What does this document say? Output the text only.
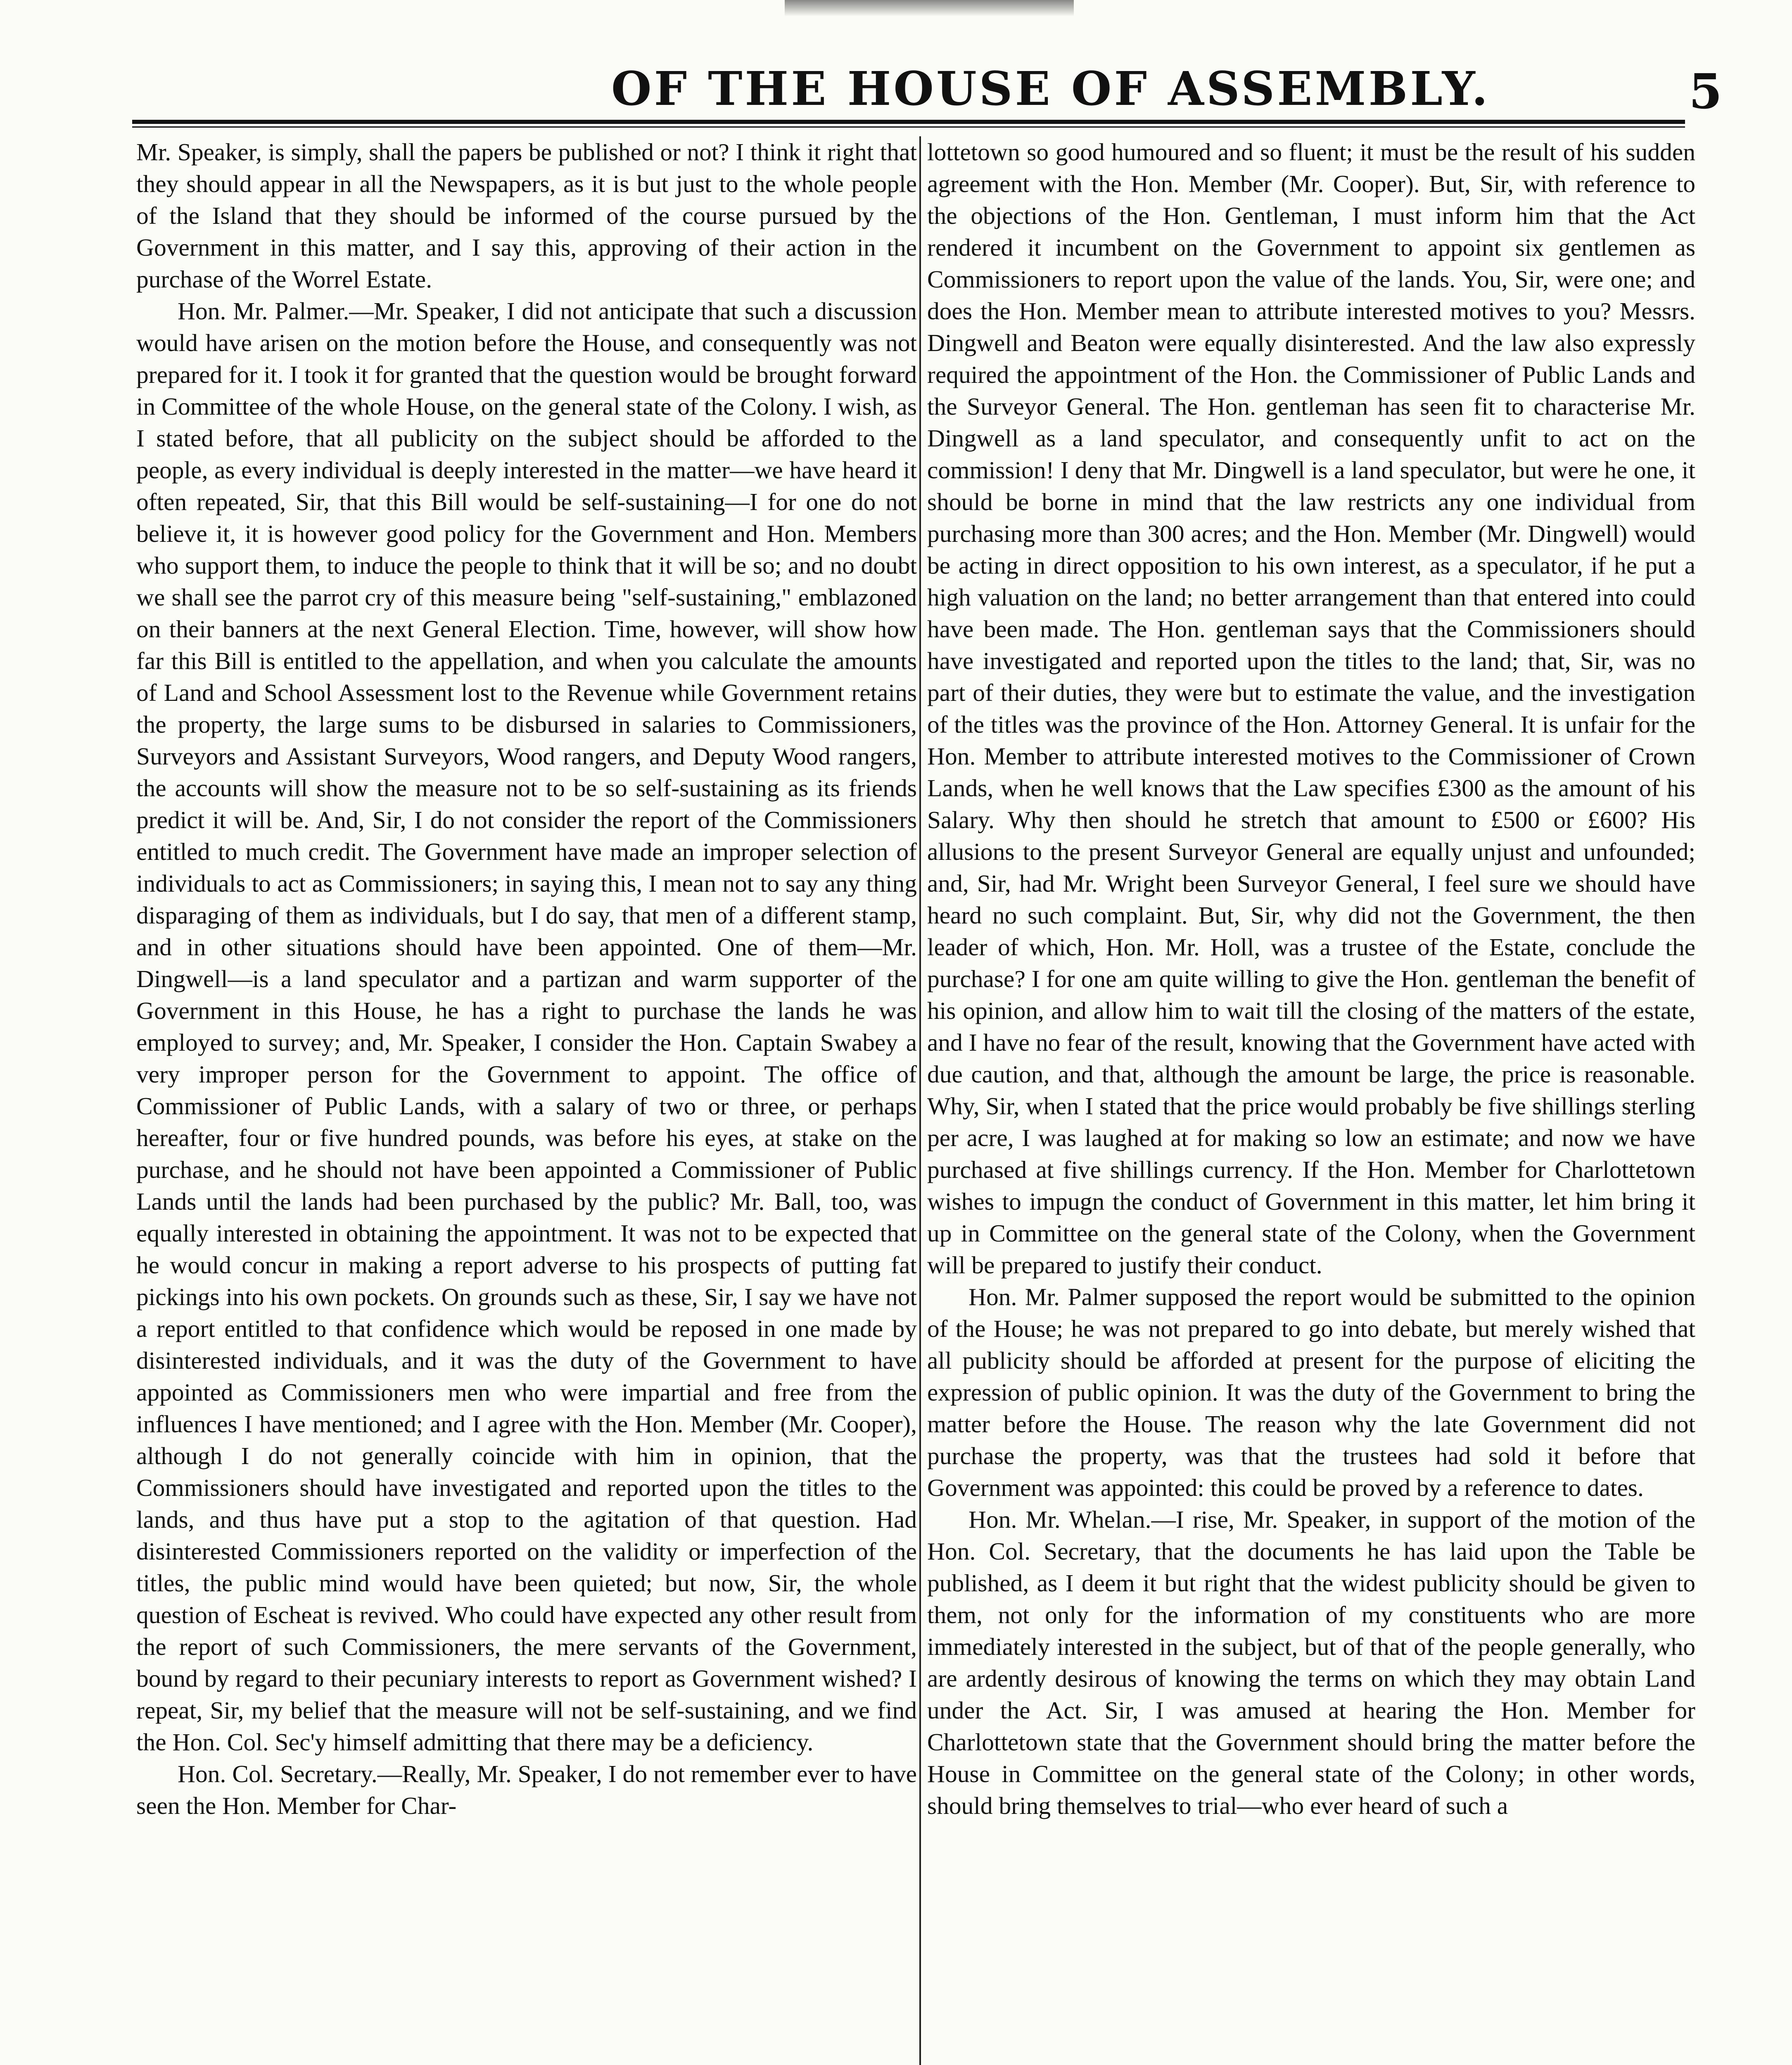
OF THE HOUSE OF ASSEMBLY.	5

Mr. Speaker, is simply, shall the papers be published or not? I think it right that they should appear in all the Newspapers, as it is but just to the whole people of the Island that they should be informed of the course pursued by the Government in this matter, and I say this, approving of their action in the purchase of the Worrel Estate.

Hon. Mr. Palmer.—Mr. Speaker, I did not anticipate that such a discussion would have arisen on the motion before the House, and consequently was not prepared for it. I took it for granted that the question would be brought forward in Committee of the whole House, on the general state of the Colony. I wish, as I stated before, that all publicity on the subject should be afforded to the people, as every individual is deeply interested in the matter—we have heard it often repeated, Sir, that this Bill would be self-sustaining—I for one do not believe it, it is however good policy for the Government and Hon. Members who support them, to induce the people to think that it will be so; and no doubt we shall see the parrot cry of this measure being "self-sustaining," emblazoned on their banners at the next General Election. Time, however, will show how far this Bill is entitled to the appellation, and when you calculate the amounts of Land and School Assessment lost to the Revenue while Government retains the property, the large sums to be disbursed in salaries to Commissioners, Surveyors and Assistant Surveyors, Wood rangers, and Deputy Wood rangers, the accounts will show the measure not to be so self-sustaining as its friends predict it will be. And, Sir, I do not consider the report of the Commissioners entitled to much credit. The Government have made an improper selection of individuals to act as Commissioners; in saying this, I mean not to say any thing disparaging of them as individuals, but I do say, that men of a different stamp, and in other situations should have been appointed. One of them—Mr. Dingwell—is a land speculator and a partizan and warm supporter of the Government in this House, he has a right to purchase the lands he was employed to survey; and, Mr. Speaker, I consider the Hon. Captain Swabey a very improper person for the Government to appoint. The office of Commissioner of Public Lands, with a salary of two or three, or perhaps hereafter, four or five hundred pounds, was before his eyes, at stake on the purchase, and he should not have been appointed a Commissioner of Public Lands until the lands had been purchased by the public? Mr. Ball, too, was equally interested in obtaining the appointment. It was not to be expected that he would concur in making a report adverse to his prospects of putting fat pickings into his own pockets. On grounds such as these, Sir, I say we have not a report entitled to that confidence which would be reposed in one made by disinterested individuals, and it was the duty of the Government to have appointed as Commissioners men who were impartial and free from the influences I have mentioned; and I agree with the Hon. Member (Mr. Cooper), although I do not generally coincide with him in opinion, that the Commissioners should have investigated and reported upon the titles to the lands, and thus have put a stop to the agitation of that question. Had disinterested Commissioners reported on the validity or imperfection of the titles, the public mind would have been quieted; but now, Sir, the whole question of Escheat is revived. Who could have expected any other result from the report of such Commissioners, the mere servants of the Government, bound by regard to their pecuniary interests to report as Government wished? I repeat, Sir, my belief that the measure will not be self-sustaining, and we find the Hon. Col. Sec'y himself admitting that there may be a deficiency.

Hon. Col. Secretary.—Really, Mr. Speaker, I do not remember ever to have seen the Hon. Member for Char-

lottetown so good humoured and so fluent; it must be the result of his sudden agreement with the Hon. Member (Mr. Cooper). But, Sir, with reference to the objections of the Hon. Gentleman, I must inform him that the Act rendered it incumbent on the Government to appoint six gentlemen as Commissioners to report upon the value of the lands. You, Sir, were one; and does the Hon. Member mean to attribute interested motives to you? Messrs. Dingwell and Beaton were equally disinterested. And the law also expressly required the appointment of the Hon. the Commissioner of Public Lands and the Surveyor General. The Hon. gentleman has seen fit to characterise Mr. Dingwell as a land speculator, and consequently unfit to act on the commission! I deny that Mr. Dingwell is a land speculator, but were he one, it should be borne in mind that the law restricts any one individual from purchasing more than 300 acres; and the Hon. Member (Mr. Dingwell) would be acting in direct opposition to his own interest, as a speculator, if he put a high valuation on the land; no better arrangement than that entered into could have been made. The Hon. gentleman says that the Commissioners should have investigated and reported upon the titles to the land; that, Sir, was no part of their duties, they were but to estimate the value, and the investigation of the titles was the province of the Hon. Attorney General. It is unfair for the Hon. Member to attribute interested motives to the Commissioner of Crown Lands, when he well knows that the Law specifies £300 as the amount of his Salary. Why then should he stretch that amount to £500 or £600? His allusions to the present Surveyor General are equally unjust and unfounded; and, Sir, had Mr. Wright been Surveyor General, I feel sure we should have heard no such complaint. But, Sir, why did not the Government, the then leader of which, Hon. Mr. Holl, was a trustee of the Estate, conclude the purchase? I for one am quite willing to give the Hon. gentleman the benefit of his opinion, and allow him to wait till the closing of the matters of the estate, and I have no fear of the result, knowing that the Government have acted with due caution, and that, although the amount be large, the price is reasonable. Why, Sir, when I stated that the price would probably be five shillings sterling per acre, I was laughed at for making so low an estimate; and now we have purchased at five shillings currency. If the Hon. Member for Charlottetown wishes to impugn the conduct of Government in this matter, let him bring it up in Committee on the general state of the Colony, when the Government will be prepared to justify their conduct.

Hon. Mr. Palmer supposed the report would be submitted to the opinion of the House; he was not prepared to go into debate, but merely wished that all publicity should be afforded at present for the purpose of eliciting the expression of public opinion. It was the duty of the Government to bring the matter before the House. The reason why the late Government did not purchase the property, was that the trustees had sold it before that Government was appointed: this could be proved by a reference to dates.

Hon. Mr. Whelan.—I rise, Mr. Speaker, in support of the motion of the Hon. Col. Secretary, that the documents he has laid upon the Table be published, as I deem it but right that the widest publicity should be given to them, not only for the information of my constituents who are more immediately interested in the subject, but of that of the people generally, who are ardently desirous of knowing the terms on which they may obtain Land under the Act. Sir, I was amused at hearing the Hon. Member for Charlottetown state that the Government should bring the matter before the House in Committee on the general state of the Colony; in other words, should bring themselves to trial—who ever heard of such a
